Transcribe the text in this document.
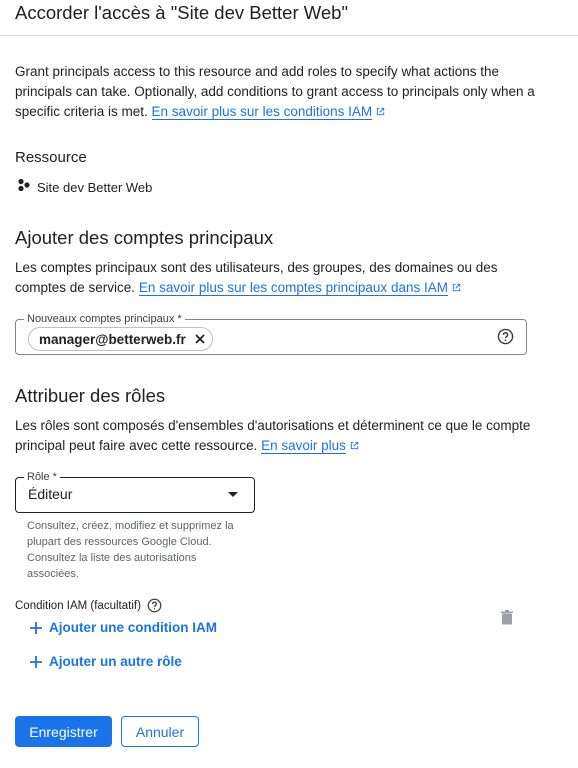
Accorder l'accès à "Site dev Better Web"
Grant principals access to this resource and add roles to specify what actions the principals can take. Optionally, add conditions to grant access to principals only when a specific criteria is met. En savoir plus sur les conditions IAM
Ressource
Site dev Better Web
Ajouter des comptes principaux
Les comptes principaux sont des utilisateurs, des groupes, des domaines ou des comptes de service. En savoir plus sur les comptes principaux dans IAM
Nouveaux comptes principaux *
manager@betterweb.fr
Attribuer des rôles
Les rôles sont composés d'ensembles d'autorisations et déterminent ce que le compte principal peut faire avec cette ressource. En savoir plus
Rôle *
Éditeur
Consultez, créez, modifiez et supprimez la plupart des ressources Google Cloud. Consultez la liste des autorisations associées.
Condition IAM (facultatif)
Ajouter une condition IAM
Ajouter un autre rôle
Enregistrer	Annuler
